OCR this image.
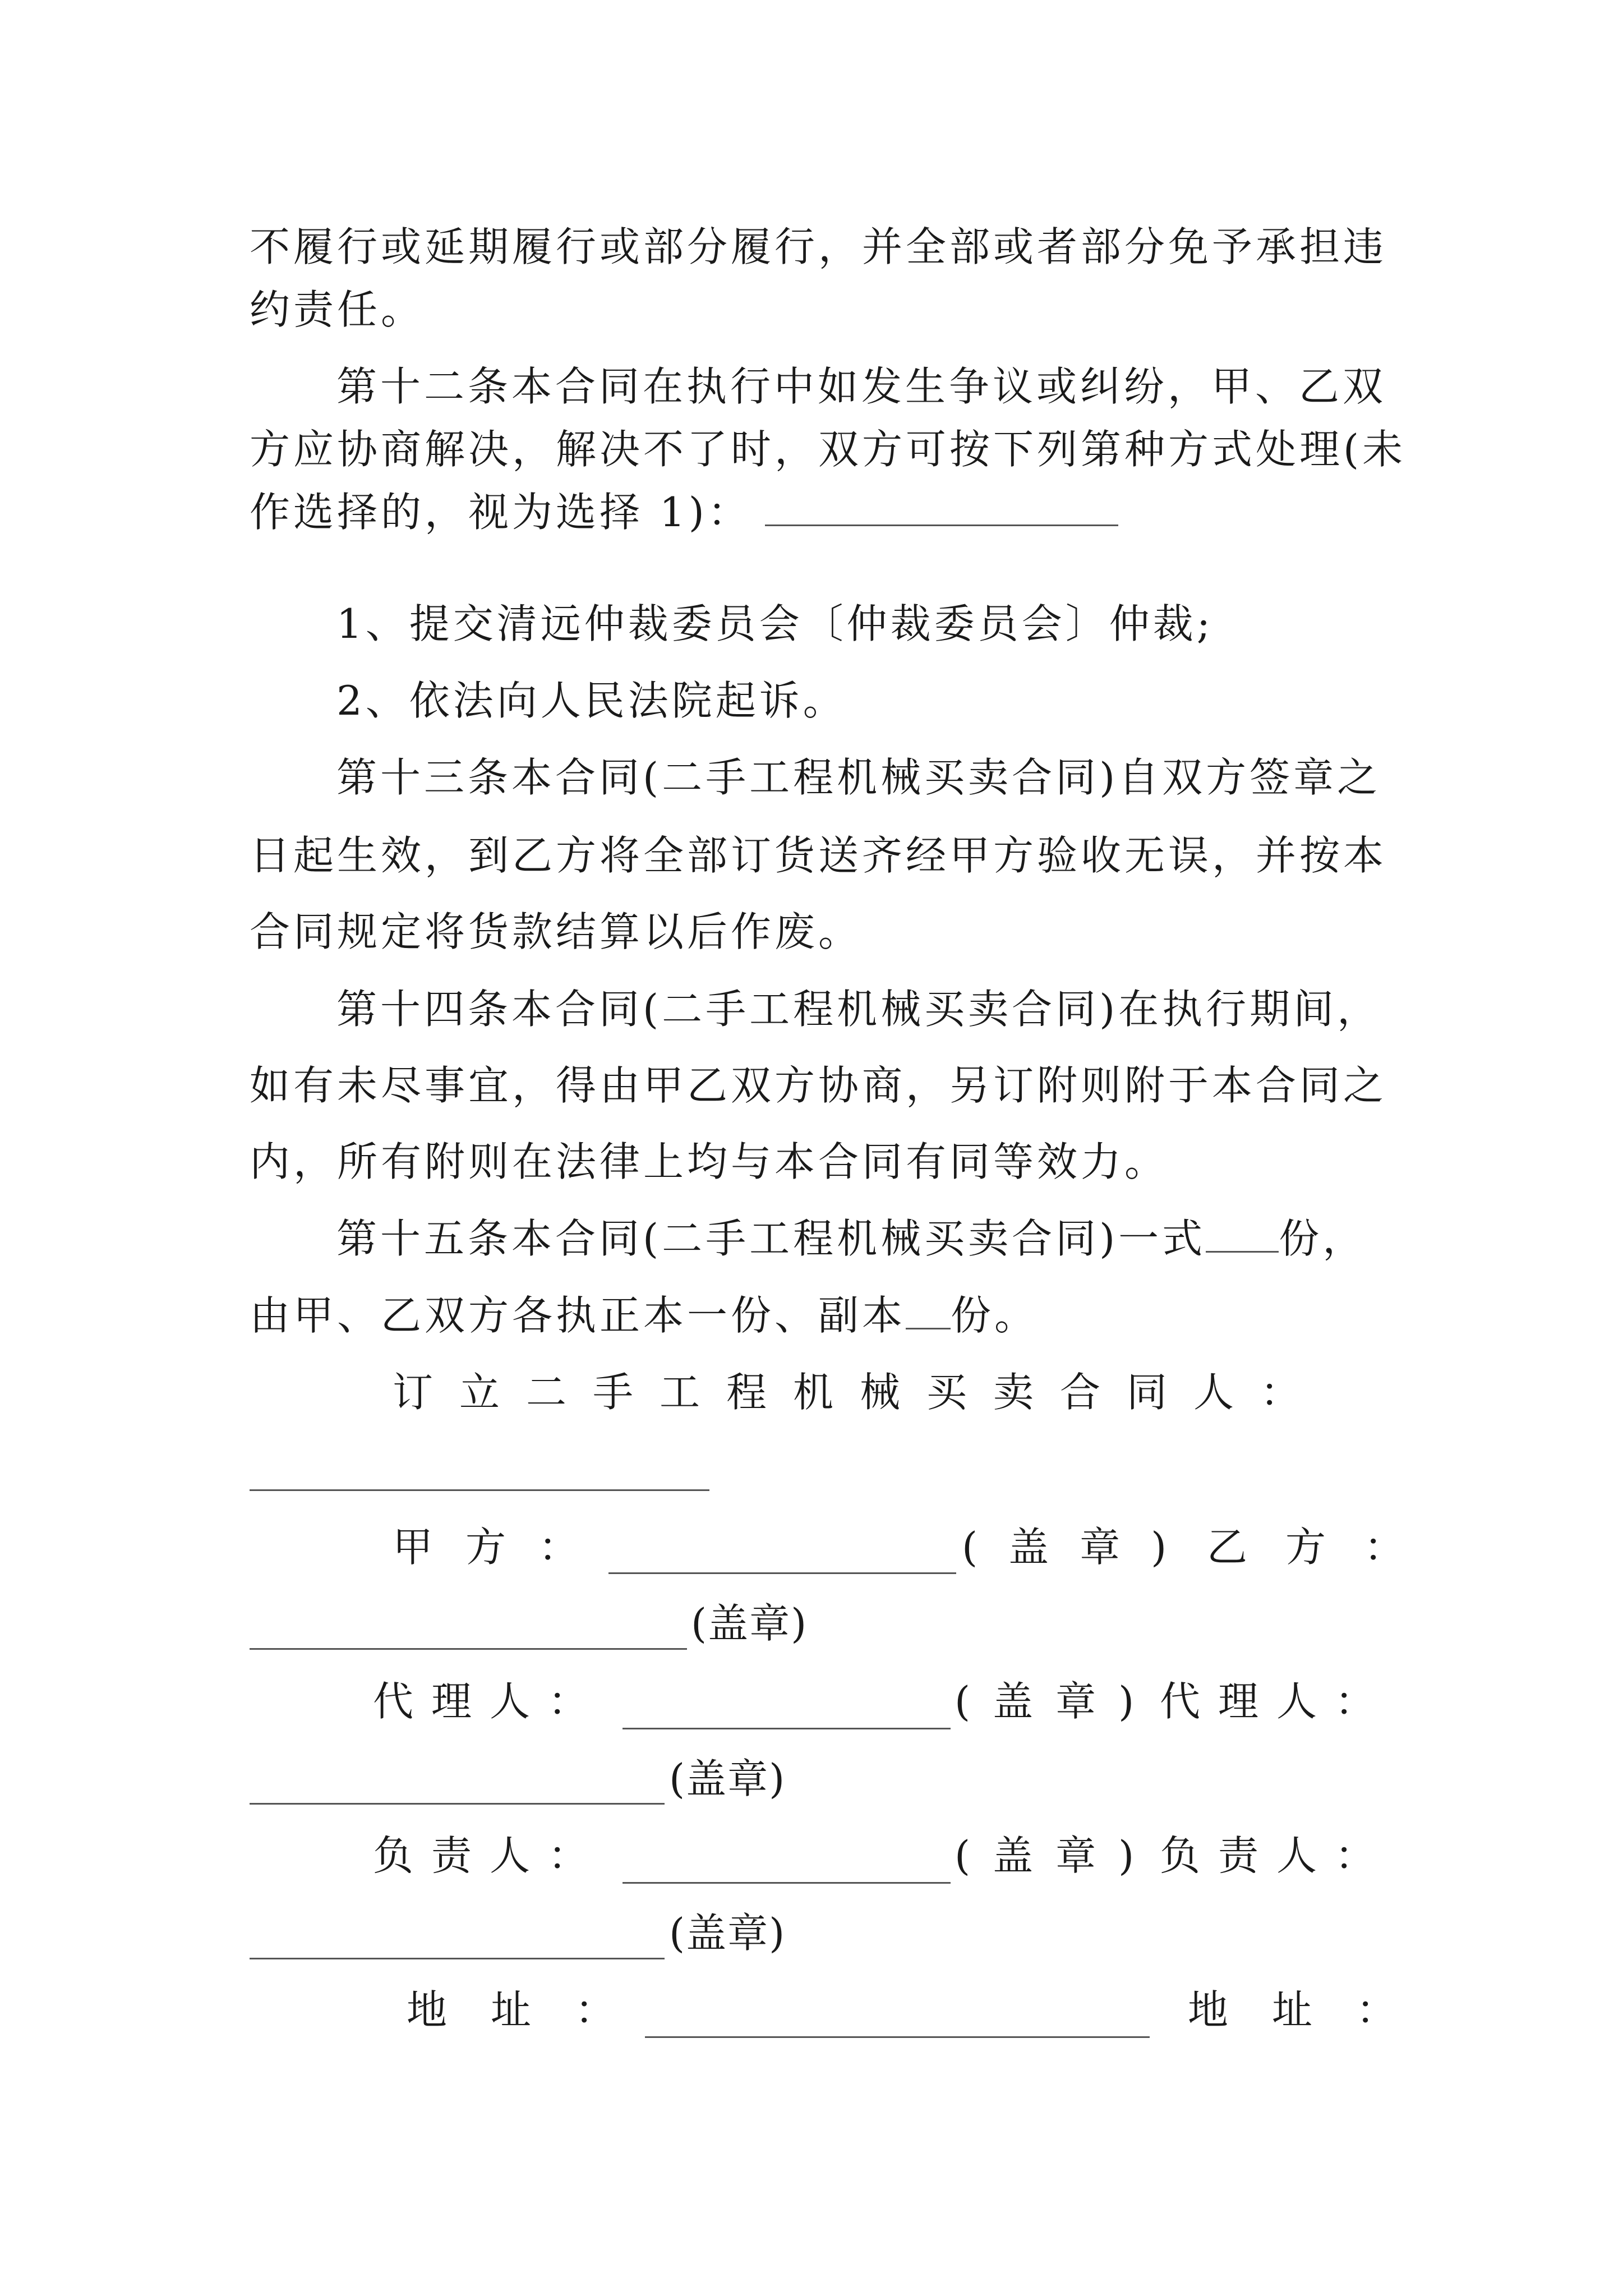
不履行或延期履行或部分履行，并全部或者部分免予承担违
约责任。
第十二条本合同在执行中如发生争议或纠纷，甲、乙双
方应协商解决，解决不了时，双方可按下列第种方式处理(未
作选择的，视为选择 1)：
1、提交清远仲裁委员会〔仲裁委员会〕仲裁;
2、依法向人民法院起诉。
第十三条本合同(二手工程机械买卖合同)自双方签章之
日起生效，到乙方将全部订货送齐经甲方验收无误，并按本
合同规定将货款结算以后作废。
第十四条本合同(二手工程机械买卖合同)在执行期间，
如有未尽事宜，得由甲乙双方协商，另订附则附于本合同之
内，所有附则在法律上均与本合同有同等效力。
第十五条本合同(二手工程机械买卖合同)一式 份，
由甲、乙双方各执正本一份、副本 份。
订立二手工程机械买卖合同人：
甲方：	(盖章) 乙方：
(盖章)
代理人：	(盖章) 代理人：
(盖章)
负责人：	(盖章) 负责人：
(盖章)
地址：	地址：
